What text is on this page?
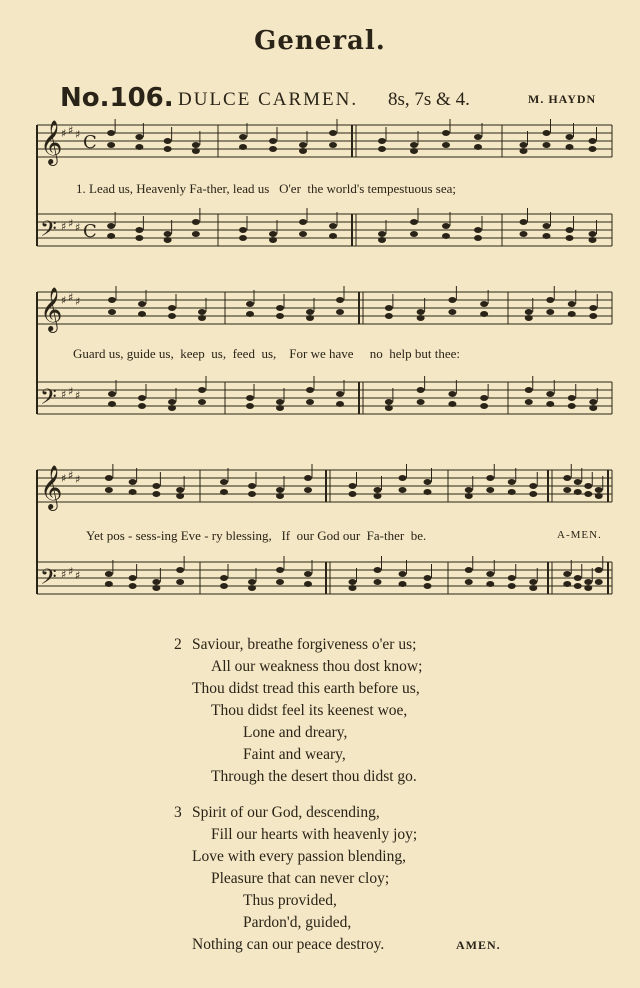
General.
No.106. DULCE CARMEN. 8s, 7s & 4.	M. HAYDN
𝄞
♯ ♯ ♯
𝄢 ♯ ♯ ♯
𝄞
♯ ♯ ♯
𝄢 ♯ ♯ ♯
𝄞
♯ ♯ ♯
𝄢 ♯ ♯ ♯
C
C
1. Lead us, Heavenly Fa-ther, lead us   O'er  the world's tempestuous sea;
Guard us, guide us,  keep  us,  feed  us,    For we have     no  help but thee:
Yet pos - sess-ing Eve - ry blessing,   If  our God our  Fa-ther  be.	A-MEN.
2 Saviour, breathe forgiveness o'er us;
All our weakness thou dost know;
Thou didst tread this earth before us,
Thou didst feel its keenest woe,
Lone and dreary,
Faint and weary,
Through the desert thou didst go.
3 Spirit of our God, descending,
Fill our hearts with heavenly joy;
Love with every passion blending,
Pleasure that can never cloy;
Thus provided,
Pardon'd, guided,
Nothing can our peace destroy.	AMEN.
